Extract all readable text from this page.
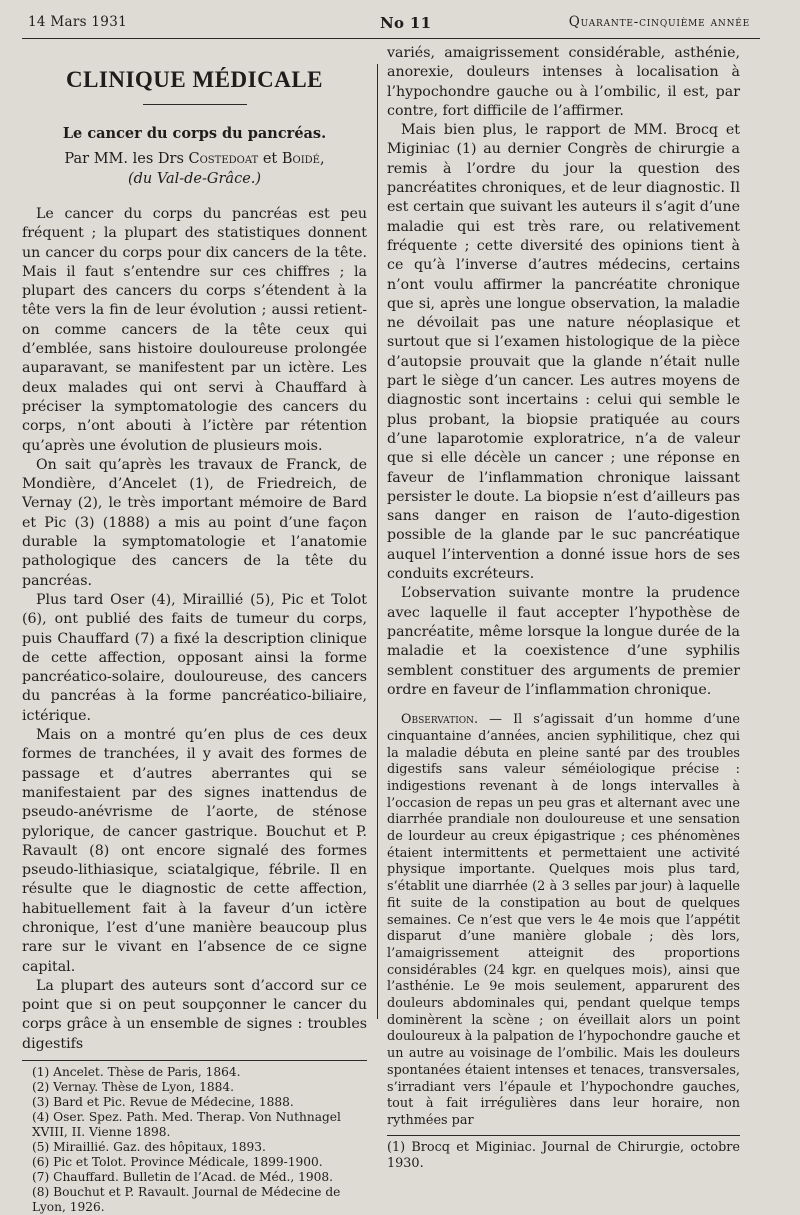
14 Mars 1931	No 11	Quarante-cinquième année
CLINIQUE MÉDICALE
Le cancer du corps du pancréas.
Par MM. les Drs Costedoat et Boidé,
(du Val-de-Grâce.)

Le cancer du corps du pancréas est peu fréquent ; la plupart des statistiques donnent un cancer du corps pour dix cancers de la tête. Mais il faut s’entendre sur ces chiffres ; la plupart des cancers du corps s’étendent à la tête vers la fin de leur évolution ; aussi retient-on comme cancers de la tête ceux qui d’emblée, sans histoire douloureuse prolongée auparavant, se manifestent par un ictère. Les deux malades qui ont servi à Chauffard à préciser la symptomatologie des cancers du corps, n’ont abouti à l’ictère par rétention qu’après une évolution de plusieurs mois.

On sait qu’après les travaux de Franck, de Mondière, d’Ancelet (1), de Friedreich, de Vernay (2), le très important mémoire de Bard et Pic (3) (1888) a mis au point d’une façon durable la symptomatologie et l’anatomie pathologique des cancers de la tête du pancréas.

Plus tard Oser (4), Miraillié (5), Pic et Tolot (6), ont publié des faits de tumeur du corps, puis Chauffard (7) a fixé la description clinique de cette affection, opposant ainsi la forme pancréatico-solaire, douloureuse, des cancers du pancréas à la forme pancréatico-biliaire, ictérique.

Mais on a montré qu’en plus de ces deux formes de tranchées, il y avait des formes de passage et d’autres aberrantes qui se manifestaient par des signes inattendus de pseudo-anévrisme de l’aorte, de sténose pylorique, de cancer gastrique. Bouchut et P. Ravault (8) ont encore signalé des formes pseudo-lithiasique, sciatalgique, fébrile. Il en résulte que le diagnostic de cette affection, habituellement fait à la faveur d’un ictère chronique, l’est d’une manière beaucoup plus rare sur le vivant en l’absence de ce signe capital.

La plupart des auteurs sont d’accord sur ce point que si on peut soupçonner le cancer du corps grâce à un ensemble de signes : troubles digestifs

(1) Ancelet. Thèse de Paris, 1864.

(2) Vernay. Thèse de Lyon, 1884.

(3) Bard et Pic. Revue de Médecine, 1888.

(4) Oser. Spez. Path. Med. Therap. Von Nuthnagel XVIII, II. Vienne 1898.

(5) Miraillié. Gaz. des hôpitaux, 1893.

(6) Pic et Tolot. Province Médicale, 1899-1900.

(7) Chauffard. Bulletin de l’Acad. de Méd., 1908.

(8) Bouchut et P. Ravault. Journal de Médecine de Lyon, 1926.

variés, amaigrissement considérable, asthénie, anorexie, douleurs intenses à localisation à l’hypochondre gauche ou à l’ombilic, il est, par contre, fort difficile de l’affirmer.

Mais bien plus, le rapport de MM. Brocq et Miginiac (1) au dernier Congrès de chirurgie a remis à l’ordre du jour la question des pancréatites chroniques, et de leur diagnostic. Il est certain que suivant les auteurs il s’agit d’une maladie qui est très rare, ou relativement fréquente ; cette diversité des opinions tient à ce qu’à l’inverse d’autres médecins, certains n’ont voulu affirmer la pancréatite chronique que si, après une longue observation, la maladie ne dévoilait pas une nature néoplasique et surtout que si l’examen histologique de la pièce d’autopsie prouvait que la glande n’était nulle part le siège d’un cancer. Les autres moyens de diagnostic sont incertains : celui qui semble le plus probant, la biopsie pratiquée au cours d’une laparotomie exploratrice, n’a de valeur que si elle décèle un cancer ; une réponse en faveur de l’inflammation chronique laissant persister le doute. La biopsie n’est d’ailleurs pas sans danger en raison de l’auto-digestion possible de la glande par le suc pancréatique auquel l’intervention a donné issue hors de ses conduits excréteurs.

L’observation suivante montre la prudence avec laquelle il faut accepter l’hypothèse de pancréatite, même lorsque la longue durée de la maladie et la coexistence d’une syphilis semblent constituer des arguments de premier ordre en faveur de l’inflammation chronique.

Observation. — Il s’agissait d’un homme d’une cinquantaine d’années, ancien syphilitique, chez qui la maladie débuta en pleine santé par des troubles digestifs sans valeur séméiologique précise : indigestions revenant à de longs intervalles à l’occasion de repas un peu gras et alternant avec une diarrhée prandiale non douloureuse et une sensation de lourdeur au creux épigastrique ; ces phénomènes étaient intermittents et permettaient une activité physique importante. Quelques mois plus tard, s’établit une diarrhée (2 à 3 selles par jour) à laquelle fit suite de la constipation au bout de quelques semaines. Ce n’est que vers le 4e mois que l’appétit disparut d’une manière globale ; dès lors, l’amaigrissement atteignit des proportions considérables (24 kgr. en quelques mois), ainsi que l’asthénie. Le 9e mois seulement, apparurent des douleurs abdominales qui, pendant quelque temps dominèrent la scène ; on éveillait alors un point douloureux à la palpation de l’hypochondre gauche et un autre au voisinage de l’ombilic. Mais les douleurs spontanées étaient intenses et tenaces, transversales, s’irradiant vers l’épaule et l’hypochondre gauches, tout à fait irrégulières dans leur horaire, non rythmées par

(1) Brocq et Miginiac. Journal de Chirurgie, octobre 1930.
